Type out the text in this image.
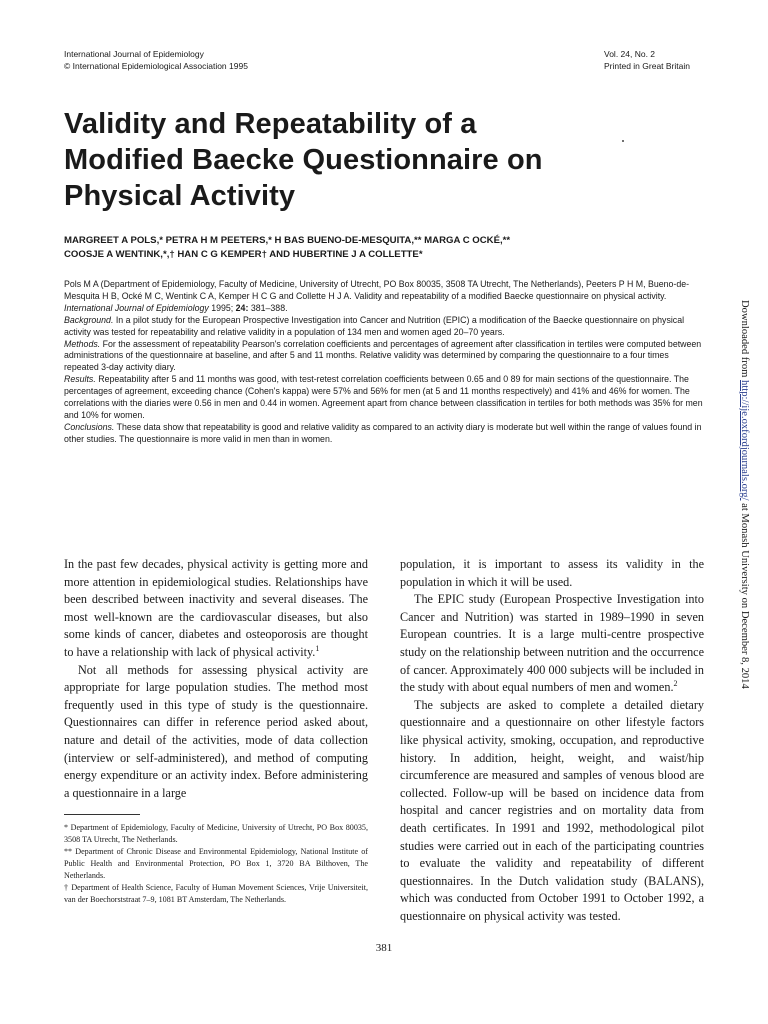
International Journal of Epidemiology
© International Epidemiological Association 1995
Vol. 24, No. 2
Printed in Great Britain
Validity and Repeatability of a
Modified Baecke Questionnaire on
Physical Activity
MARGREET A POLS,* PETRA H M PEETERS,* H BAS BUENO-DE-MESQUITA,** MARGA C OCKÉ,**
COOSJE A WENTINK,*,† HAN C G KEMPER† AND HUBERTINE J A COLLETTE*

Pols M A (Department of Epidemiology, Faculty of Medicine, University of Utrecht, PO Box 80035, 3508 TA Utrecht, The Netherlands), Peeters P H M, Bueno-de-Mesquita H B, Ocké M C, Wentink C A, Kemper H C G and Collette H J A. Validity and repeatability of a modified Baecke questionnaire on physical activity. International Journal of Epidemiology 1995; 24: 381–388.

Background. In a pilot study for the European Prospective Investigation into Cancer and Nutrition (EPIC) a modification of the Baecke questionnaire on physical activity was tested for repeatability and relative validity in a population of 134 men and women aged 20–70 years.

Methods. For the assessment of repeatability Pearson's correlation coefficients and percentages of agreement after classification in tertiles were computed between administrations of the questionnaire at baseline, and after 5 and 11 months. Relative validity was determined by comparing the questionnaire to a four times repeated 3-day activity diary.

Results. Repeatability after 5 and 11 months was good, with test-retest correlation coefficients between 0.65 and 0 89 for main sections of the questionnaire. The percentages of agreement, exceeding chance (Cohen's kappa) were 57% and 56% for men (at 5 and 11 months respectively) and 41% and 46% for women. The correlations with the diaries were 0.56 in men and 0.44 in women. Agreement apart from chance between classification in tertiles for both methods was 35% for men and 10% for women.

Conclusions. These data show that repeatability is good and relative validity as compared to an activity diary is moderate but well within the range of values found in other studies. The questionnaire is more valid in men than in women.

In the past few decades, physical activity is getting more and more attention in epidemiological studies. Relationships have been described between inactivity and several diseases. The most well-known are the cardiovascular diseases, but also some kinds of cancer, diabetes and osteoporosis are thought to have a relationship with lack of physical activity.$^1$

Not all methods for assessing physical activity are appropriate for large population studies. The method most frequently used in this type of study is the questionnaire. Questionnaires can differ in reference period asked about, nature and detail of the activities, mode of data collection (interview or self-administered), and method of computing energy expenditure or an activity index. Before administering a questionnaire in a large

* Department of Epidemiology, Faculty of Medicine, University of Utrecht, PO Box 80035, 3508 TA Utrecht, The Netherlands.

** Department of Chronic Disease and Environmental Epidemiology, National Institute of Public Health and Environmental Protection, PO Box 1, 3720 BA Bilthoven, The Netherlands.

† Department of Health Science, Faculty of Human Movement Sciences, Vrije Universiteit, van der Boechorststraat 7–9, 1081 BT Amsterdam, The Netherlands.

population, it is important to assess its validity in the population in which it will be used.

The EPIC study (European Prospective Investigation into Cancer and Nutrition) was started in 1989–1990 in seven European countries. It is a large multi-centre prospective study on the relationship between nutrition and the occurrence of cancer. Approximately 400 000 subjects will be included in the study with about equal numbers of men and women.$^2$

The subjects are asked to complete a detailed dietary questionnaire and a questionnaire on other lifestyle factors like physical activity, smoking, occupation, and reproductive history. In addition, height, weight, and waist/hip circumference are measured and samples of venous blood are collected. Follow-up will be based on incidence data from hospital and cancer registries and on mortality data from death certificates. In 1991 and 1992, methodological pilot studies were carried out in each of the participating countries to evaluate the validity and repeatability of different questionnaires. In the Dutch validation study (BALANS), which was conducted from October 1991 to October 1992, a questionnaire on physical activity was tested.

381
Downloaded from http://ije.oxfordjournals.org/ at Monash University on December 8, 2014
